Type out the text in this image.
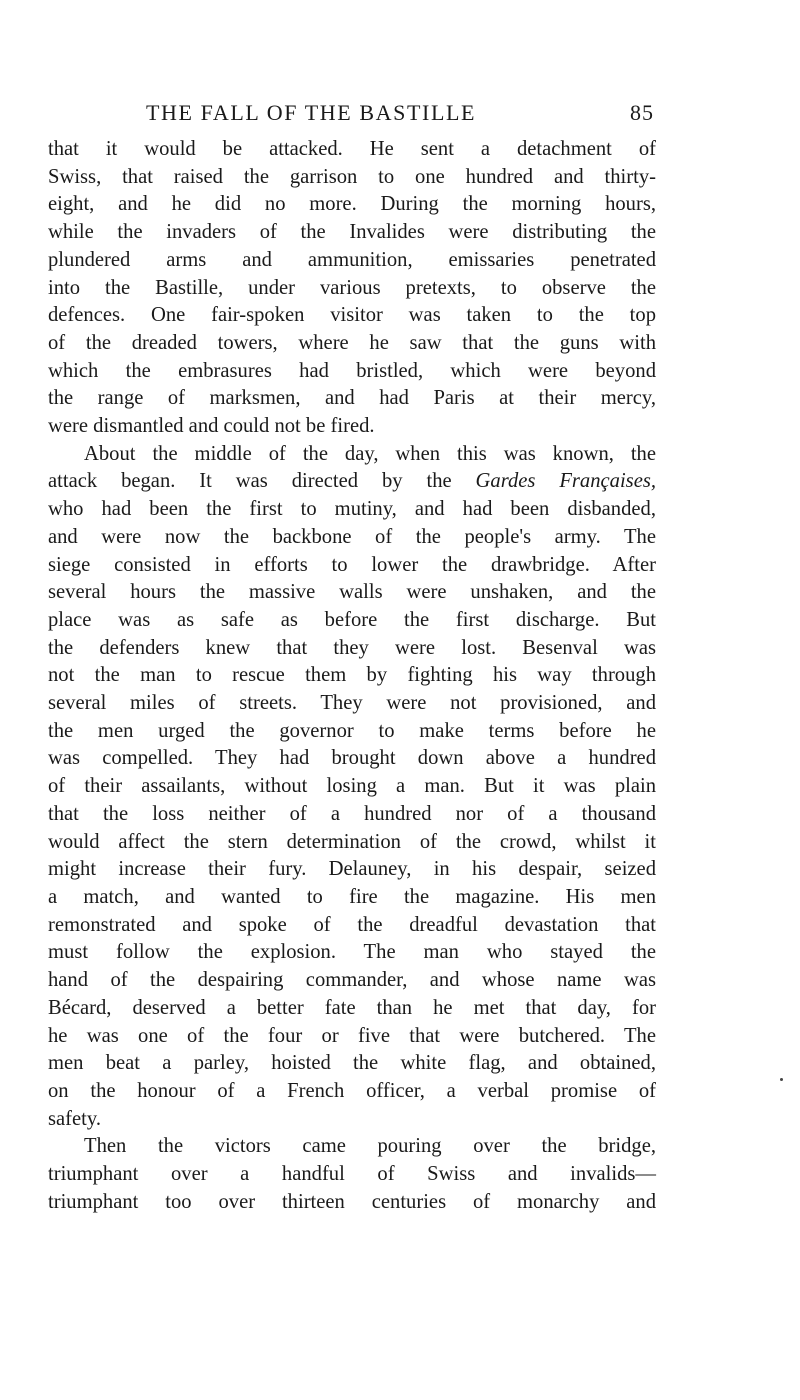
THE FALL OF THE BASTILLE	85

that it would be attacked. He sent a detachment of
Swiss, that raised the garrison to one hundred and thirty-
eight, and he did no more. During the morning hours,
while the invaders of the Invalides were distributing the
plundered arms and ammunition, emissaries penetrated
into the Bastille, under various pretexts, to observe the
defences. One fair-spoken visitor was taken to the top
of the dreaded towers, where he saw that the guns with
which the embrasures had bristled, which were beyond
the range of marksmen, and had Paris at their mercy,
were dismantled and could not be fired.

About the middle of the day, when this was known, the
attack began. It was directed by the Gardes Françaises,
who had been the first to mutiny, and had been disbanded,
and were now the backbone of the people's army. The
siege consisted in efforts to lower the drawbridge. After
several hours the massive walls were unshaken, and the
place was as safe as before the first discharge. But
the defenders knew that they were lost. Besenval was
not the man to rescue them by fighting his way through
several miles of streets. They were not provisioned, and
the men urged the governor to make terms before he
was compelled. They had brought down above a hundred
of their assailants, without losing a man. But it was plain
that the loss neither of a hundred nor of a thousand
would affect the stern determination of the crowd, whilst it
might increase their fury. Delauney, in his despair, seized
a match, and wanted to fire the magazine. His men
remonstrated and spoke of the dreadful devastation that
must follow the explosion. The man who stayed the
hand of the despairing commander, and whose name was
Bécard, deserved a better fate than he met that day, for
he was one of the four or five that were butchered. The
men beat a parley, hoisted the white flag, and obtained,
on the honour of a French officer, a verbal promise of
safety.

Then the victors came pouring over the bridge,
triumphant over a handful of Swiss and invalids—
triumphant too over thirteen centuries of monarchy and
